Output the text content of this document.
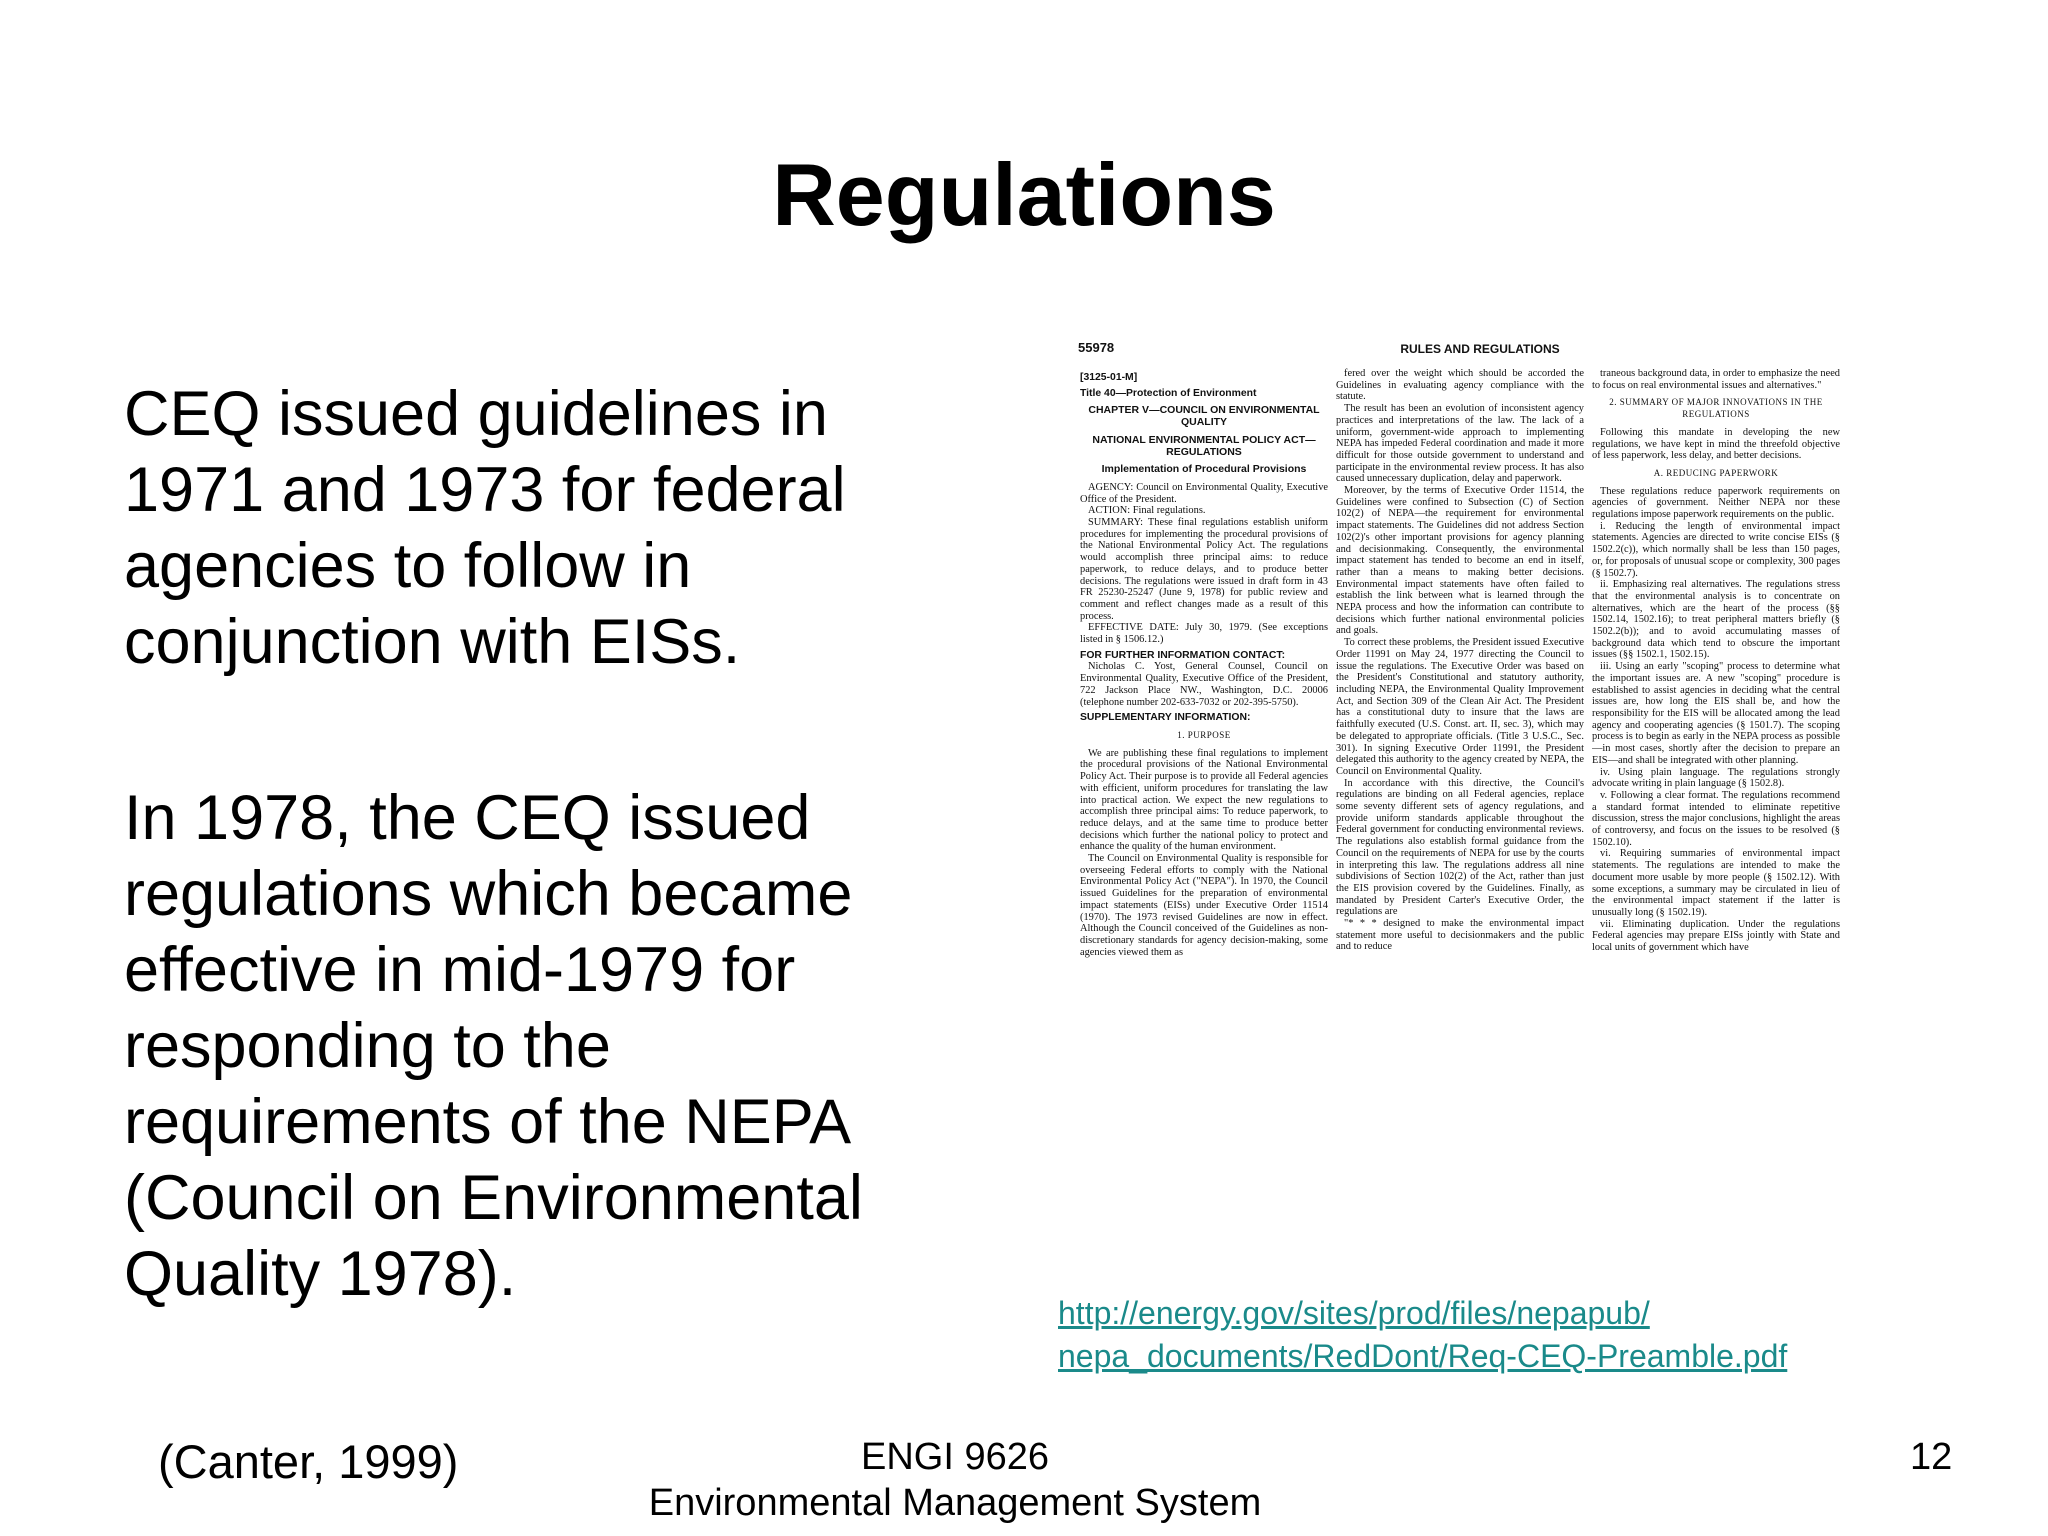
Regulations

CEQ issued guidelines in 1971 and 1973 for federal agencies to follow in conjunction with EISs.

In 1978, the CEQ issued regulations which became effective in mid-1979 for responding to the requirements of the NEPA (Council on Environmental Quality 1978).

55978	RULES AND REGULATIONS

[3125-01-M]

Title 40—Protection of Environment

CHAPTER V—COUNCIL ON ENVIRONMENTAL QUALITY

NATIONAL ENVIRONMENTAL POLICY ACT—REGULATIONS

Implementation of Procedural Provisions

AGENCY: Council on Environmental Quality, Executive Office of the President.

ACTION: Final regulations.

SUMMARY: These final regulations establish uniform procedures for implementing the procedural provisions of the National Environmental Policy Act. The regulations would accomplish three principal aims: to reduce paperwork, to reduce delays, and to produce better decisions. The regulations were issued in draft form in 43 FR 25230-25247 (June 9, 1978) for public review and comment and reflect changes made as a result of this process.

EFFECTIVE DATE: July 30, 1979. (See exceptions listed in § 1506.12.)

FOR FURTHER INFORMATION CONTACT:

Nicholas C. Yost, General Counsel, Council on Environmental Quality, Executive Office of the President, 722 Jackson Place NW., Washington, D.C. 20006 (telephone number 202-633-7032 or 202-395-5750).

SUPPLEMENTARY INFORMATION:

1. PURPOSE

We are publishing these final regulations to implement the procedural provisions of the National Environmental Policy Act. Their purpose is to provide all Federal agencies with efficient, uniform procedures for translating the law into practical action. We expect the new regulations to accomplish three principal aims: To reduce paperwork, to reduce delays, and at the same time to produce better decisions which further the national policy to protect and enhance the quality of the human environment.

The Council on Environmental Quality is responsible for overseeing Federal efforts to comply with the National Environmental Policy Act ("NEPA"). In 1970, the Council issued Guidelines for the preparation of environmental impact statements (EISs) under Executive Order 11514 (1970). The 1973 revised Guidelines are now in effect. Although the Council conceived of the Guidelines as non-discretionary standards for agency decision-making, some agencies viewed them as

fered over the weight which should be accorded the Guidelines in evaluating agency compliance with the statute.

The result has been an evolution of inconsistent agency practices and interpretations of the law. The lack of a uniform, government-wide approach to implementing NEPA has impeded Federal coordination and made it more difficult for those outside government to understand and participate in the environmental review process. It has also caused unnecessary duplication, delay and paperwork.

Moreover, by the terms of Executive Order 11514, the Guidelines were confined to Subsection (C) of Section 102(2) of NEPA—the requirement for environmental impact statements. The Guidelines did not address Section 102(2)'s other important provisions for agency planning and decisionmaking. Consequently, the environmental impact statement has tended to become an end in itself, rather than a means to making better decisions. Environmental impact statements have often failed to establish the link between what is learned through the NEPA process and how the information can contribute to decisions which further national environmental policies and goals.

To correct these problems, the President issued Executive Order 11991 on May 24, 1977 directing the Council to issue the regulations. The Executive Order was based on the President's Constitutional and statutory authority, including NEPA, the Environmental Quality Improvement Act, and Section 309 of the Clean Air Act. The President has a constitutional duty to insure that the laws are faithfully executed (U.S. Const. art. II, sec. 3), which may be delegated to appropriate officials. (Title 3 U.S.C., Sec. 301). In signing Executive Order 11991, the President delegated this authority to the agency created by NEPA, the Council on Environmental Quality.

In accordance with this directive, the Council's regulations are binding on all Federal agencies, replace some seventy different sets of agency regulations, and provide uniform standards applicable throughout the Federal government for conducting environmental reviews. The regulations also establish formal guidance from the Council on the requirements of NEPA for use by the courts in interpreting this law. The regulations address all nine subdivisions of Section 102(2) of the Act, rather than just the EIS provision covered by the Guidelines. Finally, as mandated by President Carter's Executive Order, the regulations are

"* * * designed to make the environmental impact statement more useful to decisionmakers and the public and to reduce

traneous background data, in order to emphasize the need to focus on real environmental issues and alternatives."

2. SUMMARY OF MAJOR INNOVATIONS IN THE REGULATIONS

Following this mandate in developing the new regulations, we have kept in mind the threefold objective of less paperwork, less delay, and better decisions.

A. REDUCING PAPERWORK

These regulations reduce paperwork requirements on agencies of government. Neither NEPA nor these regulations impose paperwork requirements on the public.

i. Reducing the length of environmental impact statements. Agencies are directed to write concise EISs (§ 1502.2(c)), which normally shall be less than 150 pages, or, for proposals of unusual scope or complexity, 300 pages (§ 1502.7).

ii. Emphasizing real alternatives. The regulations stress that the environmental analysis is to concentrate on alternatives, which are the heart of the process (§§ 1502.14, 1502.16); to treat peripheral matters briefly (§ 1502.2(b)); and to avoid accumulating masses of background data which tend to obscure the important issues (§§ 1502.1, 1502.15).

iii. Using an early "scoping" process to determine what the important issues are. A new "scoping" procedure is established to assist agencies in deciding what the central issues are, how long the EIS shall be, and how the responsibility for the EIS will be allocated among the lead agency and cooperating agencies (§ 1501.7). The scoping process is to begin as early in the NEPA process as possible—in most cases, shortly after the decision to prepare an EIS—and shall be integrated with other planning.

iv. Using plain language. The regulations strongly advocate writing in plain language (§ 1502.8).

v. Following a clear format. The regulations recommend a standard format intended to eliminate repetitive discussion, stress the major conclusions, highlight the areas of controversy, and focus on the issues to be resolved (§ 1502.10).

vi. Requiring summaries of environmental impact statements. The regulations are intended to make the document more usable by more people (§ 1502.12). With some exceptions, a summary may be circulated in lieu of the environmental impact statement if the latter is unusually long (§ 1502.19).

vii. Eliminating duplication. Under the regulations Federal agencies may prepare EISs jointly with State and local units of government which have

http://energy.gov/sites/prod/files/nepapub/
nepa_documents/RedDont/Req-CEQ-Preamble.pdf
(Canter, 1999)	ENGI 9626
Environmental Management System
12
